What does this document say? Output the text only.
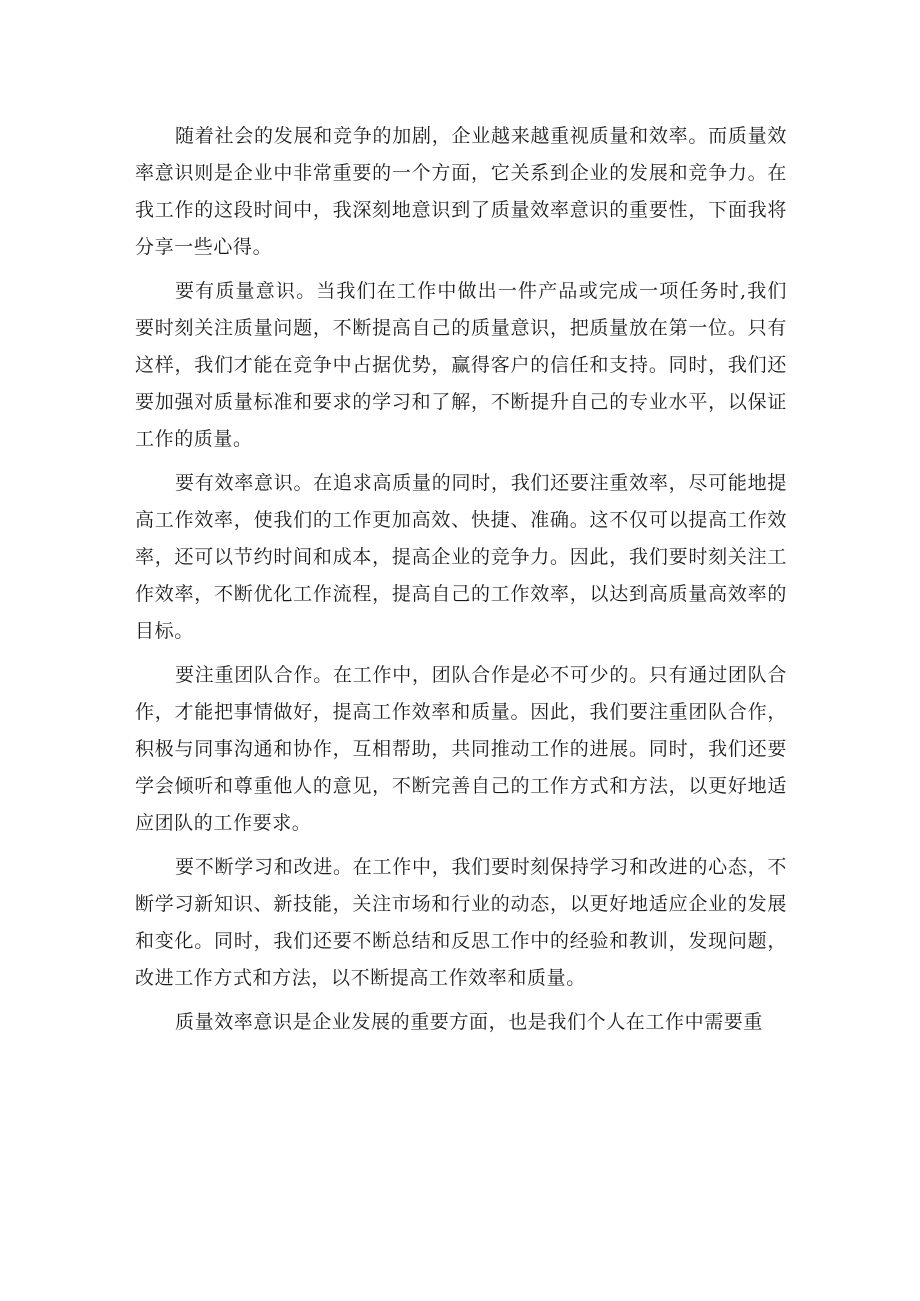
随着社会的发展和竞争的加剧，企业越来越重视质量和效率。而质量效率意识则是企业中非常重要的一个方面，它关系到企业的发展和竞争力。在我工作的这段时间中，我深刻地意识到了质量效率意识的重要性，下面我将分享一些心得。

要有质量意识。当我们在工作中做出一件产品或完成一项任务时,我们要时刻关注质量问题，不断提高自己的质量意识，把质量放在第一位。只有这样，我们才能在竞争中占据优势，赢得客户的信任和支持。同时，我们还要加强对质量标准和要求的学习和了解，不断提升自己的专业水平，以保证工作的质量。

要有效率意识。在追求高质量的同时，我们还要注重效率，尽可能地提高工作效率，使我们的工作更加高效、快捷、准确。这不仅可以提高工作效率，还可以节约时间和成本，提高企业的竞争力。因此，我们要时刻关注工作效率，不断优化工作流程，提高自己的工作效率，以达到高质量高效率的目标。

要注重团队合作。在工作中，团队合作是必不可少的。只有通过团队合作，才能把事情做好，提高工作效率和质量。因此，我们要注重团队合作，积极与同事沟通和协作，互相帮助，共同推动工作的进展。同时，我们还要学会倾听和尊重他人的意见，不断完善自己的工作方式和方法，以更好地适应团队的工作要求。

要不断学习和改进。在工作中，我们要时刻保持学习和改进的心态，不断学习新知识、新技能，关注市场和行业的动态，以更好地适应企业的发展和变化。同时，我们还要不断总结和反思工作中的经验和教训，发现问题，改进工作方式和方法，以不断提高工作效率和质量。

质量效率意识是企业发展的重要方面，也是我们个人在工作中需要重
